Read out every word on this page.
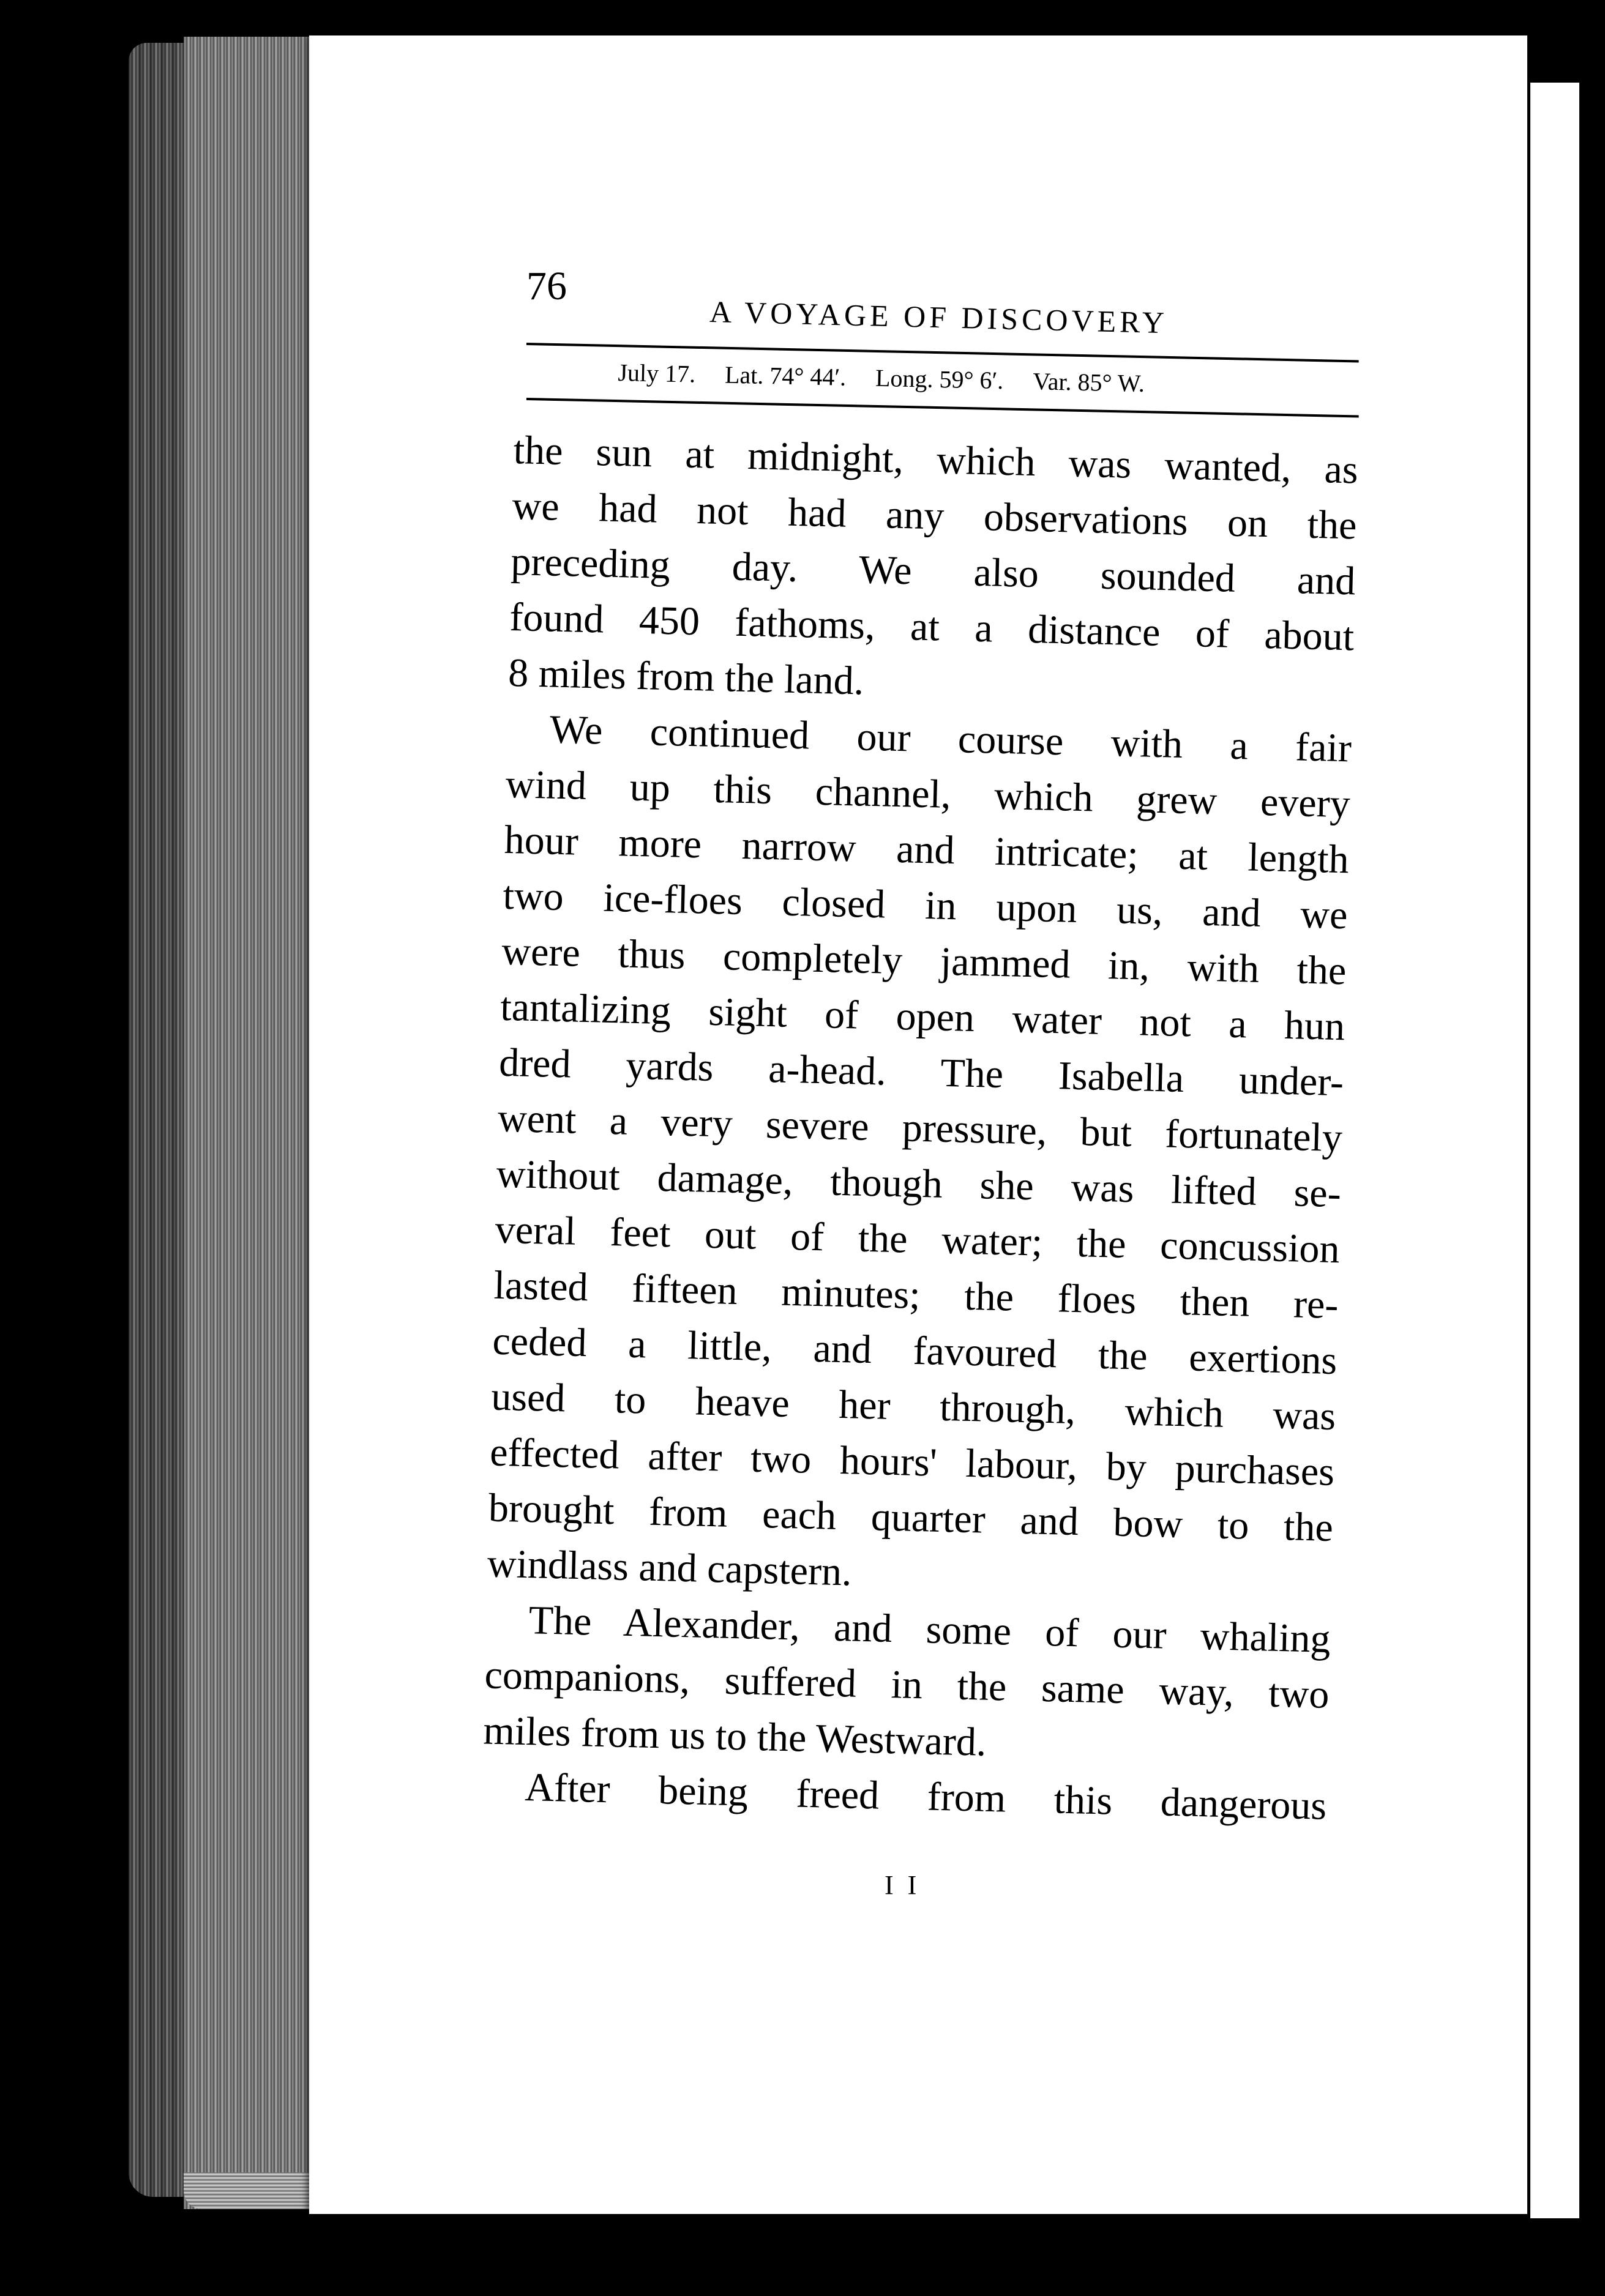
76
A VOYAGE OF DISCOVERY
July 17. Lat. 74° 44′. Long. 59° 6′. Var. 85° W.
the sun at midnight, which was wanted, as
we had not had any observations on the
preceding day. We also sounded and
found 450 fathoms, at a distance of about
8 miles from the land.
We continued our course with a fair
wind up this channel, which grew every
hour more narrow and intricate; at length
two ice-floes closed in upon us, and we
were thus completely jammed in, with the
tantalizing sight of open water not a hun
dred yards a-head. The Isabella under-
went a very severe pressure, but fortunately
without damage, though she was lifted se-
veral feet out of the water; the concussion
lasted fifteen minutes; the floes then re-
ceded a little, and favoured the exertions
used to heave her through, which was
effected after two hours' labour, by purchases
brought from each quarter and bow to the
windlass and capstern.
The Alexander, and some of our whaling
companions, suffered in the same way, two
miles from us to the Westward.
After being freed from this dangerous
I I
